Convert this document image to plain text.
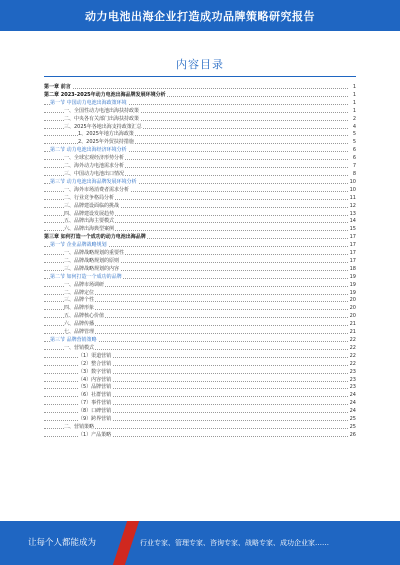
动力电池出海企业打造成功品牌策略研究报告
内容目录
第一章 前言	1
第二章 2023-2025年动力电池出海品牌发展环境分析	1
第一节 中国动力电池出海政策环境	1
一、全国性动力电池出海扶持政策	1
二、中央各有关部门出海扶持政策	2
三、2025年各地出海支持政策汇总	4
1、2025年地方出海政策	5
2、2025年外贸扶持措施	5
第二节 动力电池出海经济环境分析	6
一、全球宏观经济形势分析	6
二、海外动力电池需求分析	7
三、中国动力电池出口情况	8
第三节 动力电池出海品牌发展环境分析	10
一、海外市场消费者需求分析	10
二、行业竞争格局分析	11
三、品牌建设面临的挑战	12
四、品牌建设发展趋势	13
五、品牌出海主要模式	14
六、品牌出海典型案例	15
第三章 如何打造一个成功的动力电池出海品牌	17
第一节 企业品牌战略规划	17
一、品牌战略规划的重要性	17
二、品牌战略规划的原则	17
三、品牌战略规划的内容	18
第二节 如何打造一个成功的品牌	19
一、品牌市场调研	19
二、品牌定位	19
三、品牌个性	20
四、品牌形象	20
五、品牌核心价值	20
六、品牌传播	21
七、品牌管理	21
第三节 品牌营销策略	22
一、营销模式	22
（1）渠道营销	22
（2）整合营销	22
（3）数字营销	23
（4）内容营销	23
（5）品牌营销	23
（6）社群营销	24
（7）事件营销	24
（8）口碑营销	24
（9）跨界营销	25
二、营销策略	25
（1）产品策略	26
让每个人都能成为	行业专家、管理专家、咨询专家、战略专家、成功企业家……
